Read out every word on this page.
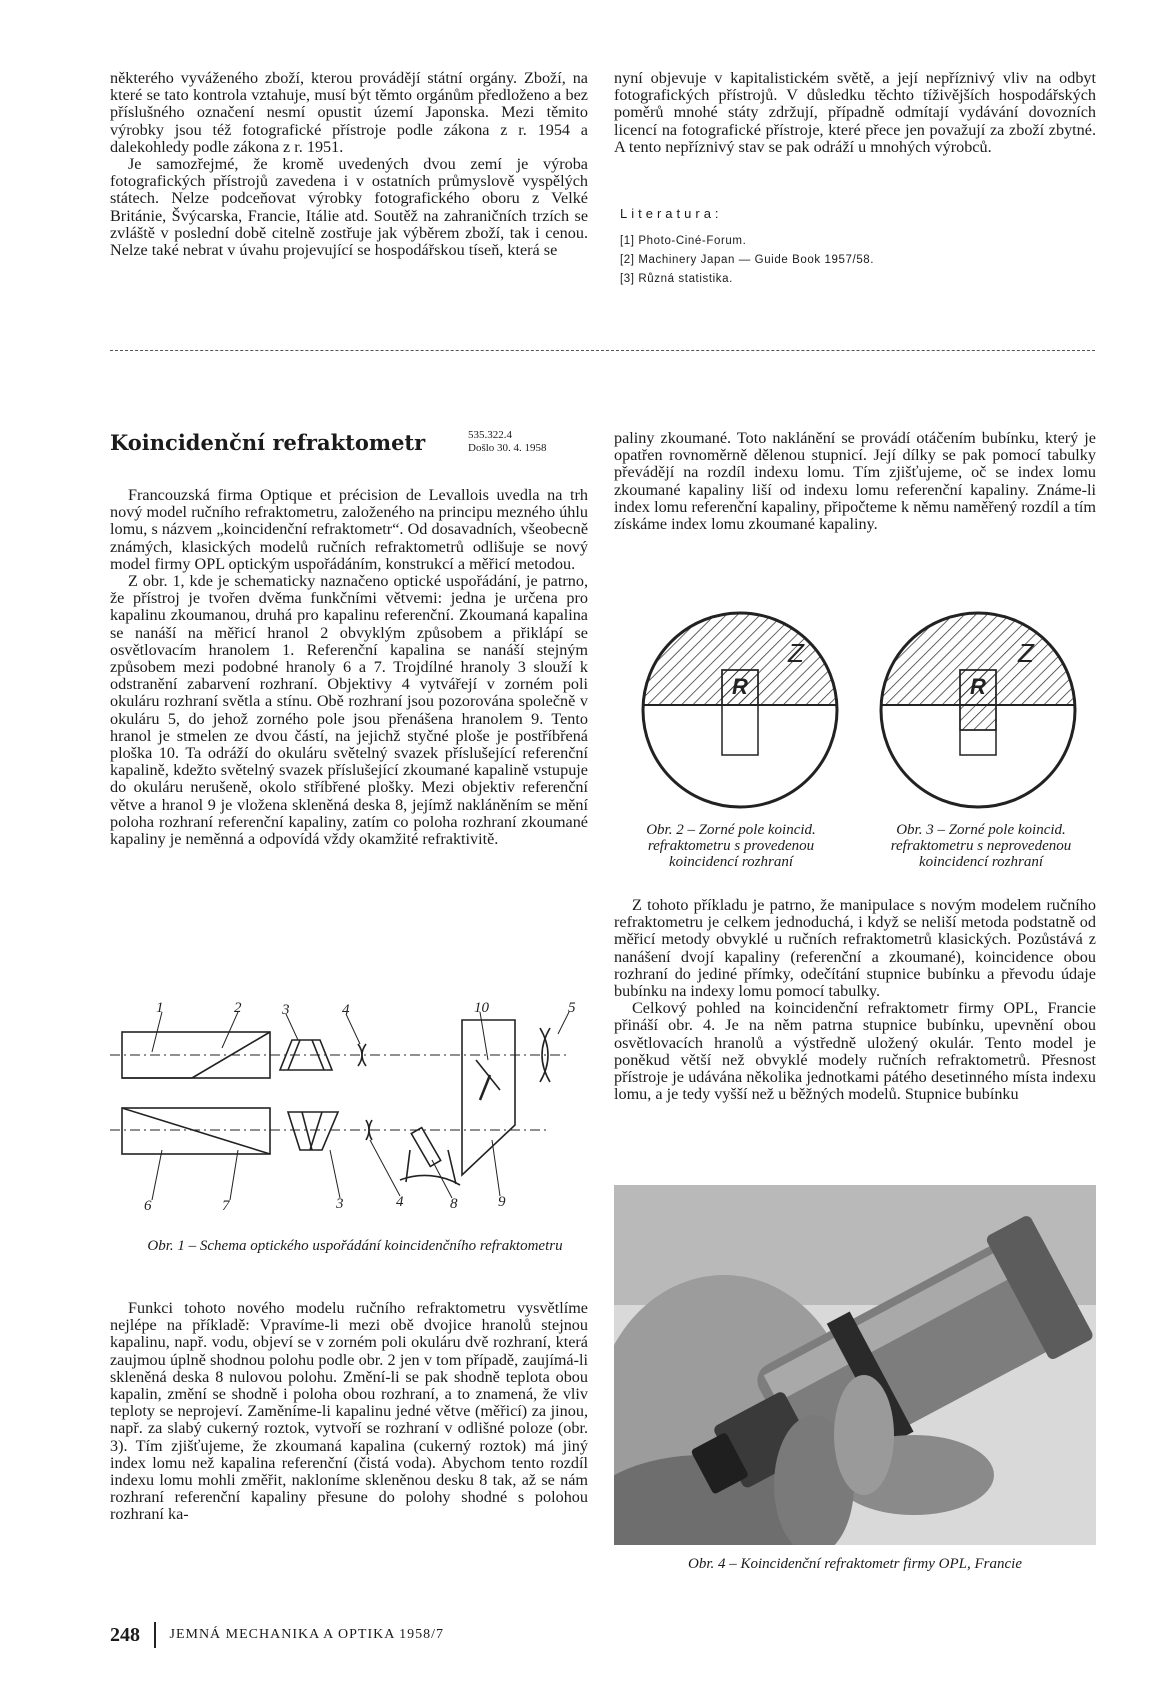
některého vyváženého zboží, kterou provádějí státní orgány. Zboží, na které se tato kontrola vztahuje, musí být těmto orgánům předloženo a bez příslušného označení nesmí opustit území Japonska. Mezi těmito výrobky jsou též fotografické přístroje podle zákona z r. 1954 a dalekohledy podle zákona z r. 1951.

Je samozřejmé, že kromě uvedených dvou zemí je výroba fotografických přístrojů zavedena i v ostatních průmyslově vyspělých státech. Nelze podceňovat výrobky fotografického oboru z Velké Británie, Švýcarska, Francie, Itálie atd. Soutěž na zahraničních trzích se zvláště v poslední době citelně zostřuje jak výběrem zboží, tak i cenou. Nelze také nebrat v úvahu projevující se hospodářskou tíseň, která se

nyní objevuje v kapitalistickém světě, a její nepříznivý vliv na odbyt fotografických přístrojů. V důsledku těchto tíživějších hospodářských poměrů mnohé státy zdržují, případně odmítají vydávání dovozních licencí na fotografické přístroje, které přece jen považují za zboží zbytné. A tento nepříznivý stav se pak odráží u mnohých výrobců.

Literatura:
[1] Photo-Ciné-Forum.
[2] Machinery Japan — Guide Book 1957/58.
[3] Různá statistika.
Koincidenční refraktometr	535.322.4
Došlo 30. 4. 1958

Francouzská firma Optique et précision de Levallois uvedla na trh nový model ručního refraktometru, založeného na principu mezného úhlu lomu, s názvem „koincidenční refraktometr“. Od dosavadních, všeobecně známých, klasických modelů ručních refraktometrů odlišuje se nový model firmy OPL optickým uspořádáním, konstrukcí a měřicí metodou.

Z obr. 1, kde je schematicky naznačeno optické uspořádání, je patrno, že přístroj je tvořen dvěma funkčními větvemi: jedna je určena pro kapalinu zkoumanou, druhá pro kapalinu referenční. Zkoumaná kapalina se nanáší na měřicí hranol 2 obvyklým způsobem a přiklápí se osvětlovacím hranolem 1. Referenční kapalina se nanáší stejným způsobem mezi podobné hranoly 6 a 7. Trojdílné hranoly 3 slouží k odstranění zabarvení rozhraní. Objektivy 4 vytvářejí v zorném poli okuláru rozhraní světla a stínu. Obě rozhraní jsou pozorována společně v okuláru 5, do jehož zorného pole jsou přenášena hranolem 9. Tento hranol je stmelen ze dvou částí, na jejichž styčné ploše je postříbřená ploška 10. Ta odráží do okuláru světelný svazek příslušející referenční kapalině, kdežto světelný svazek příslušející zkoumané kapalině vstupuje do okuláru nerušeně, okolo stříbřené plošky. Mezi objektiv referenční větve a hranol 9 je vložena skleněná deska 8, jejímž nakláněním se mění poloha rozhraní referenční kapaliny, zatím co poloha rozhraní zkoumané kapaliny je neměnná a odpovídá vždy okamžité refraktivitě.

1	2	3	4	10	5
6	7	3	4	8	9
Obr. 1 – Schema optického uspořádání koincidenčního refraktometru

Funkci tohoto nového modelu ručního refraktometru vysvětlíme nejlépe na příkladě: Vpravíme-li mezi obě dvojice hranolů stejnou kapalinu, např. vodu, objeví se v zorném poli okuláru dvě rozhraní, která zaujmou úplně shodnou polohu podle obr. 2 jen v tom případě, zaujímá-li skleněná deska 8 nulovou polohu. Změní-li se pak shodně teplota obou kapalin, změní se shodně i poloha obou rozhraní, a to znamená, že vliv teploty se neprojeví. Zaměníme-li kapalinu jedné větve (měřicí) za jinou, např. za slabý cukerný roztok, vytvoří se rozhraní v odlišné poloze (obr. 3). Tím zjišťujeme, že zkoumaná kapalina (cukerný roztok) má jiný index lomu než kapalina referenční (čistá voda). Abychom tento rozdíl indexu lomu mohli změřit, nakloníme skleněnou desku 8 tak, až se nám rozhraní referenční kapaliny přesune do polohy shodné s polohou rozhraní ka-

paliny zkoumané. Toto naklánění se provádí otáčením bubínku, který je opatřen rovnoměrně dělenou stupnicí. Její dílky se pak pomocí tabulky převádějí na rozdíl indexu lomu. Tím zjišťujeme, oč se index lomu zkoumané kapaliny liší od indexu lomu referenční kapaliny. Známe-li index lomu referenční kapaliny, připočteme k němu naměřený rozdíl a tím získáme index lomu zkoumané kapaliny.

R
Z
R
Z
Obr. 2 – Zorné pole koincid. refraktometru s provedenou koincidencí rozhraní
Obr. 3 – Zorné pole koincid. refraktometru s neprovedenou koincidencí rozhraní

Z tohoto příkladu je patrno, že manipulace s novým modelem ručního refraktometru je celkem jednoduchá, i když se neliší metoda podstatně od měřicí metody obvyklé u ručních refraktometrů klasických. Pozůstává z nanášení dvojí kapaliny (referenční a zkoumané), koincidence obou rozhraní do jediné přímky, odečítání stupnice bubínku a převodu údaje bubínku na indexy lomu pomocí tabulky.

Celkový pohled na koincidenční refraktometr firmy OPL, Francie přináší obr. 4. Je na něm patrna stupnice bubínku, upevnění obou osvětlovacích hranolů a výstředně uložený okulár. Tento model je poněkud větší než obvyklé modely ručních refraktometrů. Přesnost přístroje je udávána několika jednotkami pátého desetinného místa indexu lomu, a je tedy vyšší než u běžných modelů. Stupnice bubínku

Obr. 4 – Koincidenční refraktometr firmy OPL, Francie
248 JEMNÁ MECHANIKA A OPTIKA 1958/7
